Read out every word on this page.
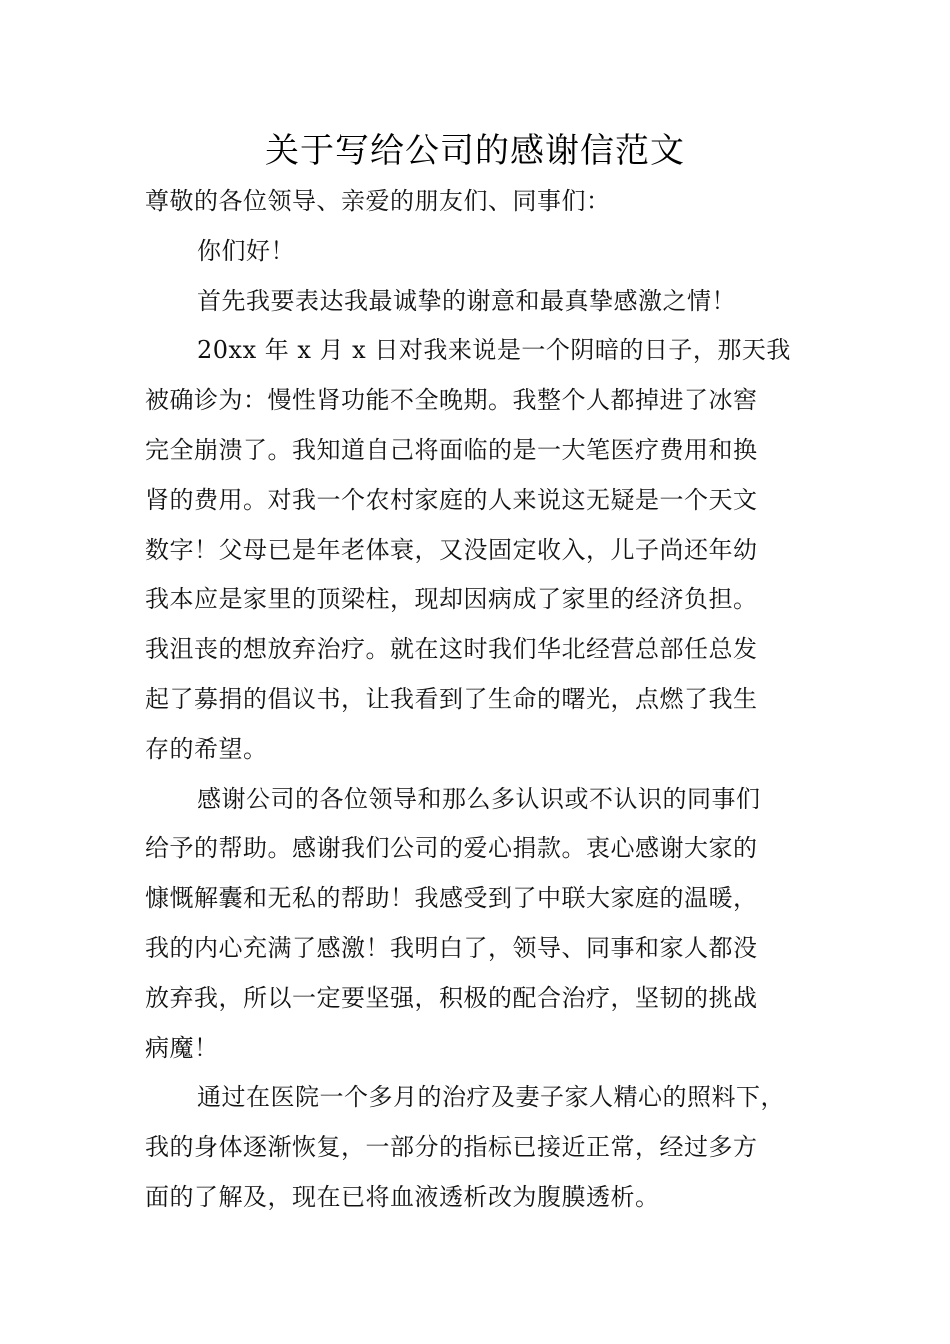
关于写给公司的感谢信范文
尊敬的各位领导、亲爱的朋友们、同事们：
你们好！
首先我要表达我最诚挚的谢意和最真挚感激之情！
20xx 年 x 月 x 日对我来说是一个阴暗的日子，那天我
被确诊为：慢性肾功能不全晚期。我整个人都掉进了冰窖
完全崩溃了。我知道自己将面临的是一大笔医疗费用和换
肾的费用。对我一个农村家庭的人来说这无疑是一个天文
数字！父母已是年老体衰，又没固定收入，儿子尚还年幼
我本应是家里的顶梁柱，现却因病成了家里的经济负担。
我沮丧的想放弃治疗。就在这时我们华北经营总部任总发
起了募捐的倡议书，让我看到了生命的曙光，点燃了我生
存的希望。
感谢公司的各位领导和那么多认识或不认识的同事们
给予的帮助。感谢我们公司的爱心捐款。衷心感谢大家的
慷慨解囊和无私的帮助！我感受到了中联大家庭的温暖，
我的内心充满了感激！我明白了，领导、同事和家人都没
放弃我，所以一定要坚强，积极的配合治疗，坚韧的挑战
病魔！
通过在医院一个多月的治疗及妻子家人精心的照料下，
我的身体逐渐恢复，一部分的指标已接近正常，经过多方
面的了解及，现在已将血液透析改为腹膜透析。
